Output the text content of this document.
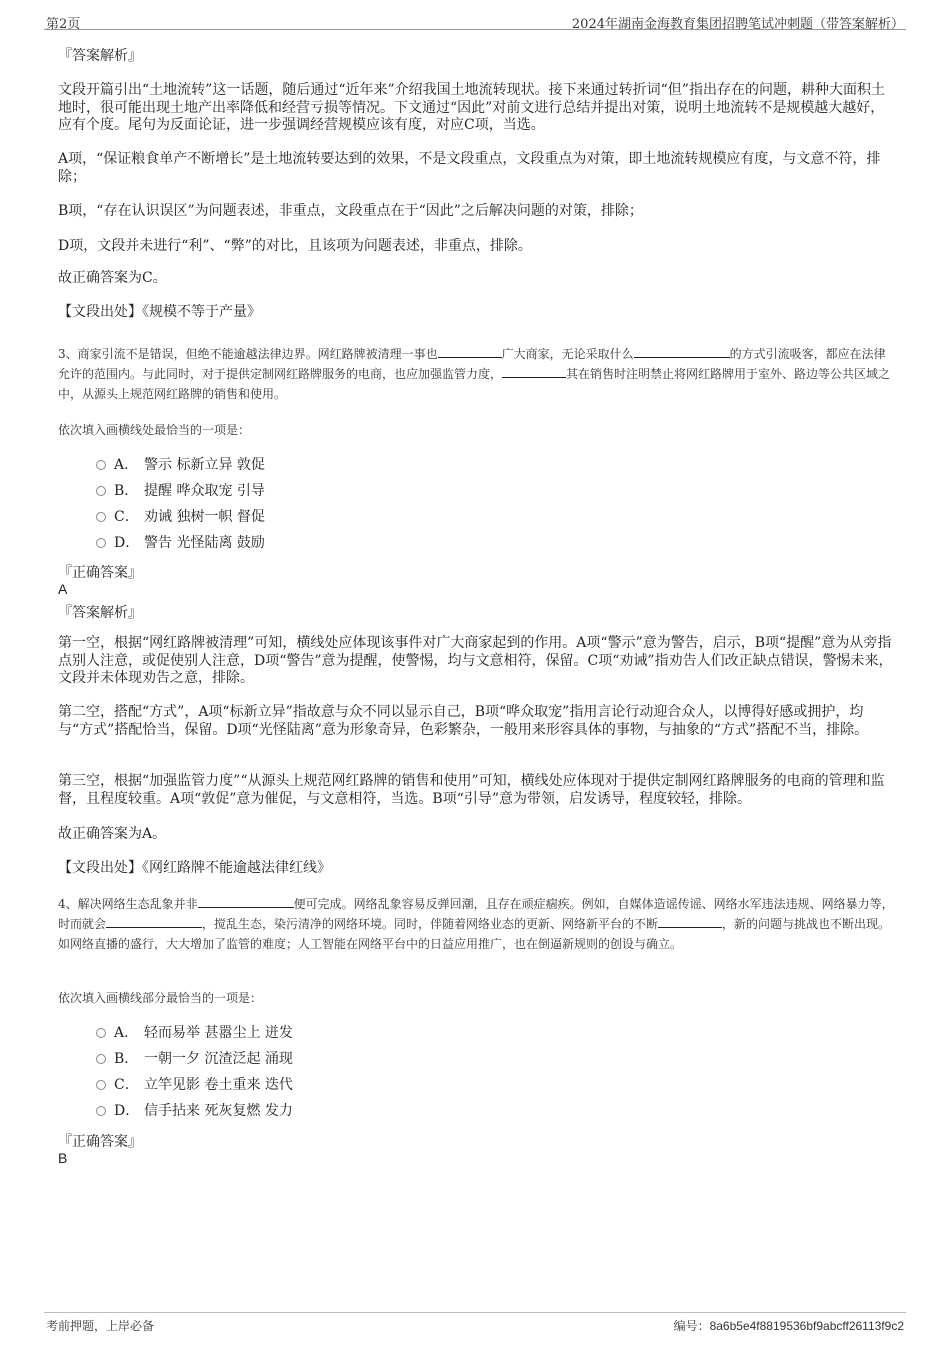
第2页	2024年湖南金海教育集团招聘笔试冲刺题（带答案解析）
『答案解析』
文段开篇引出“土地流转”这一话题，随后通过“近年来”介绍我国土地流转现状。接下来通过转折词“但”指出存在的问题，耕种大面积土地时，很可能出现土地产出率降低和经营亏损等情况。下文通过“因此”对前文进行总结并提出对策，说明土地流转不是规模越大越好，应有个度。尾句为反面论证，进一步强调经营规模应该有度，对应C项，当选。
A项，“保证粮食单产不断增长”是土地流转要达到的效果，不是文段重点，文段重点为对策，即土地流转规模应有度，与文意不符，排除；
B项，“存在认识误区”为问题表述，非重点，文段重点在于“因此”之后解决问题的对策，排除；
D项，文段并未进行“利”、“弊”的对比，且该项为问题表述，非重点，排除。
故正确答案为C。
【文段出处】《规模不等于产量》
3、商家引流不是错误，但绝不能逾越法律边界。网红路牌被清理一事也	广大商家，无论采取什么	的方式引流吸客，都应在法律允许的范围内。与此同时，对于提供定制网红路牌服务的电商，也应加强监管力度，	其在销售时注明禁止将网红路牌用于室外、路边等公共区域之中，从源头上规范网红路牌的销售和使用。
依次填入画横线处最恰当的一项是：
A． 警示 标新立异 敦促
B． 提醒 哗众取宠 引导
C． 劝诫 独树一帜 督促
D． 警告 光怪陆离 鼓励
『正确答案』
A
『答案解析』
第一空，根据“网红路牌被清理”可知，横线处应体现该事件对广大商家起到的作用。A项“警示”意为警告，启示，B项“提醒”意为从旁指点别人注意，或促使别人注意，D项“警告”意为提醒，使警惕，均与文意相符，保留。C项“劝诫”指劝告人们改正缺点错误，警惕未来，文段并未体现劝告之意，排除。
第二空，搭配“方式”，A项“标新立异”指故意与众不同以显示自己，B项“哗众取宠”指用言论行动迎合众人，以博得好感或拥护，均与“方式”搭配恰当，保留。D项“光怪陆离”意为形象奇异，色彩繁杂，一般用来形容具体的事物，与抽象的“方式”搭配不当，排除。
第三空，根据“加强监管力度”“从源头上规范网红路牌的销售和使用”可知，横线处应体现对于提供定制网红路牌服务的电商的管理和监督，且程度较重。A项“敦促”意为催促，与文意相符，当选。B项“引导”意为带领，启发诱导，程度较轻，排除。
故正确答案为A。
【文段出处】《网红路牌不能逾越法律红线》
4、解决网络生态乱象并非	便可完成。网络乱象容易反弹回潮，且存在顽症痼疾。例如，自媒体造谣传谣、网络水军违法违规、网络暴力等，时而就会	，搅乱生态，染污清净的网络环境。同时，伴随着网络业态的更新、网络新平台的不断	，新的问题与挑战也不断出现。如网络直播的盛行，大大增加了监管的难度；人工智能在网络平台中的日益应用推广，也在倒逼新规则的创设与确立。
依次填入画横线部分最恰当的一项是：
A． 轻而易举 甚嚣尘上 迸发
B． 一朝一夕 沉渣泛起 涌现
C． 立竿见影 卷土重来 迭代
D． 信手拈来 死灰复燃 发力
『正确答案』
B
考前押题，上岸必备	编号：8a6b5e4f8819536bf9abcff26113f9c2
